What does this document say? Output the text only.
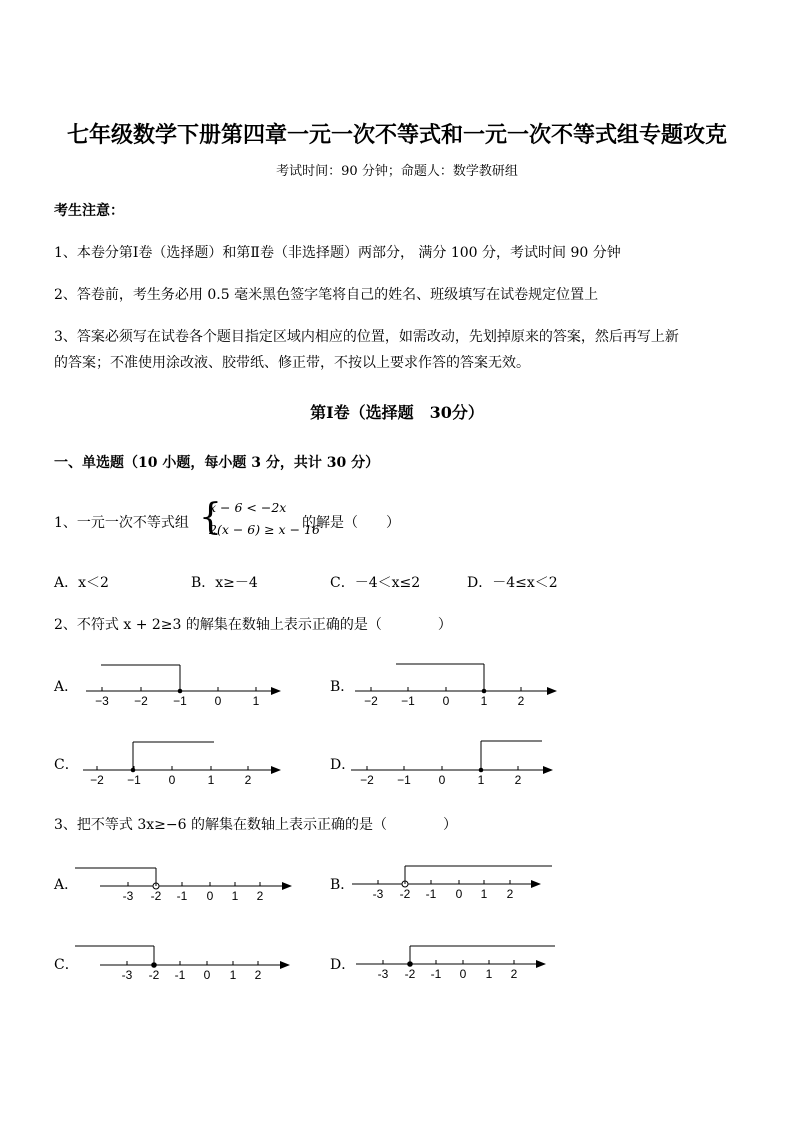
七年级数学下册第四章一元一次不等式和一元一次不等式组专题攻克
考试时间：90 分钟；命题人：数学教研组
考生注意：
1、本卷分第Ⅰ卷（选择题）和第Ⅱ卷（非选择题）两部分， 满分 100 分，考试时间 90 分钟
2、答卷前，考生务必用 0.5 毫米黑色签字笔将自己的姓名、班级填写在试卷规定位置上
3、答案必须写在试卷各个题目指定区域内相应的位置，如需改动，先划掉原来的答案，然后再写上新
的答案；不准使用涂改液、胶带纸、修正带，不按以上要求作答的答案无效。
第Ⅰ卷（选择题　30分）
一、单选题（10 小题，每小题 3 分，共计 30 分）
1、一元一次不等式组 {
x − 6 < −2x
2(x − 6) ≥ x − 16
的解是（　　）
A．x＜2	B．x≥－4	C．－4＜x≤2	D．－4≤x＜2
2、不符式 x + 2≥3 的解集在数轴上表示正确的是（　　　　）
A．	B．
C．	D．
3、把不等式 3x≥−6 的解集在数轴上表示正确的是（　　　　）
A．	B．
C．	D．
−3 −2 −1 0	1	−2 −1 0	1	2
−2 −1 0	1	2	−2 −1 0	1	2
-3 -2 -1 0 1 2	-3 -2 -1 0 1 2
-3 -2 -1 0 1 2	-3 -2 -1 0 1 2
